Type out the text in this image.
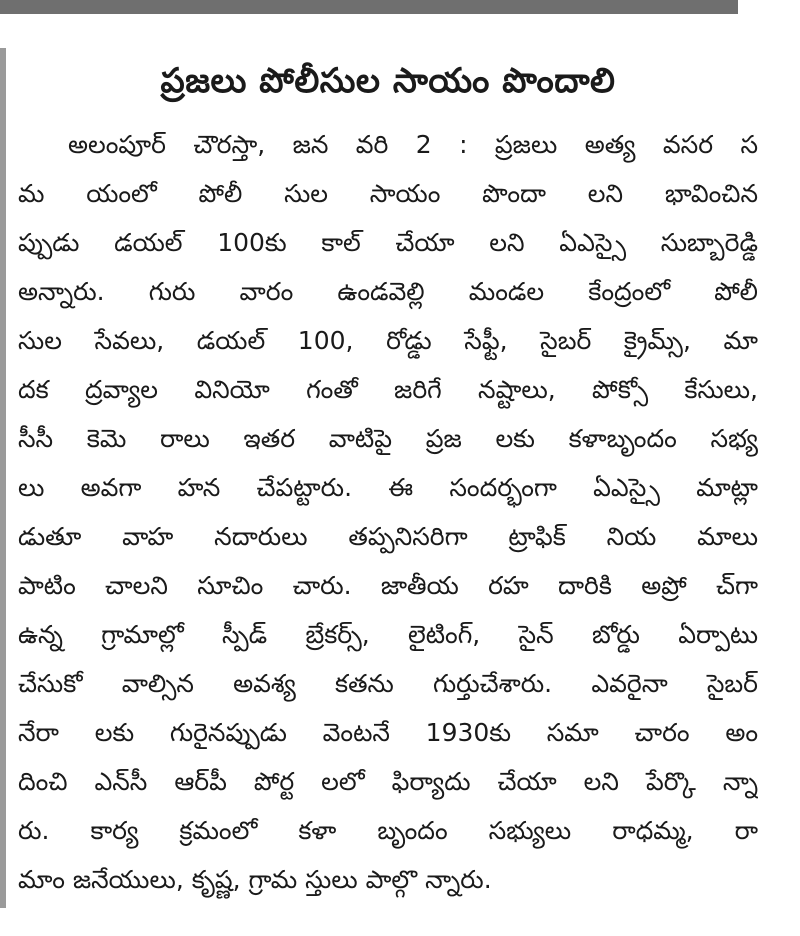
ప్రజలు పోలీసుల సాయం పొందాలి
అలంపూర్ చౌరస్తా, జన వరి 2 : ప్రజలు అత్య వసర స
మ యంలో పోలీ సుల సాయం పొందా లని భావించిన
ప్పుడు డయల్ 100కు కాల్ చేయా లని ఏఎస్సై సుబ్బారెడ్డి
అన్నారు. గురు వారం ఉండవెల్లి మండల కేంద్రంలో పోలీ
సుల సేవలు, డయల్ 100, రోడ్డు సేఫ్టీ, సైబర్ క్రైమ్స్, మా
దక ద్రవ్యాల వినియో గంతో జరిగే నష్టాలు, పోక్సో కేసులు,
సీసీ కెమె రాలు ఇతర వాటిపై ప్రజ లకు కళాబృందం సభ్య
లు అవగా హన చేపట్టారు. ఈ సందర్భంగా ఏఎస్సై మాట్లా
డుతూ వాహ నదారులు తప్పనిసరిగా ట్రాఫిక్ నియ మాలు
పాటిం చాలని సూచిం చారు. జాతీయ రహ దారికి అప్రో చ్‌గా
ఉన్న గ్రామాల్లో స్పీడ్ బ్రేకర్స్, లైటింగ్, సైన్ బోర్డు ఏర్పాటు
చేసుకో వాల్సిన అవశ్య కతను గుర్తుచేశారు. ఎవరైనా సైబర్
నేరా లకు గురైనప్పుడు వెంటనే 1930కు సమా చారం అం
దించి ఎన్‌సీ ఆర్‌పీ పోర్ట లలో ఫిర్యాదు చేయా లని పేర్కొ న్నా
రు. కార్య క్రమంలో కళా బృందం సభ్యులు రాధమ్మ, రా
మాం జనేయులు, కృష్ణ, గ్రామ స్తులు పాల్గొ న్నారు.
